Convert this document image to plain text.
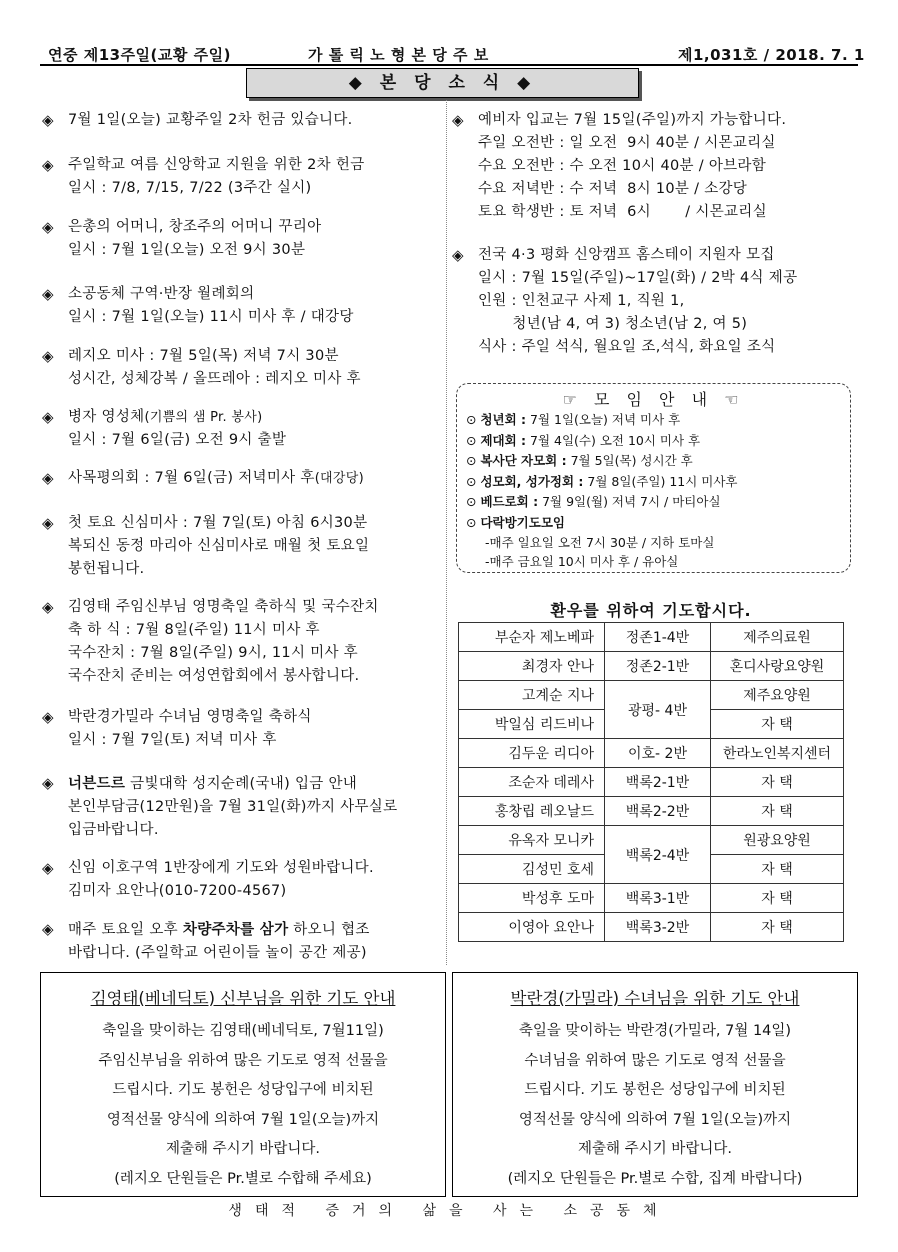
연중 제13주일(교황 주일)	가 톨 릭 노 형 본 당 주 보	제1,031호 / 2018. 7. 1
◆ 본 당 소 식 ◆
◈ 7월 1일(오늘) 교황주일 2차 헌금 있습니다.
◈ 주일학교 여름 신앙학교 지원을 위한 2차 헌금
일시 : 7/8, 7/15, 7/22 (3주간 실시)
◈ 은총의 어머니, 창조주의 어머니 꾸리아
일시 : 7월 1일(오늘) 오전 9시 30분
◈ 소공동체 구역·반장 월례회의
일시 : 7월 1일(오늘) 11시 미사 후 / 대강당
◈ 레지오 미사 : 7월 5일(목) 저녁 7시 30분
성시간, 성체강복 / 올뜨레아 : 레지오 미사 후
◈ 병자 영성체(기쁨의 샘 Pr. 봉사)
일시 : 7월 6일(금) 오전 9시 출발
◈ 사목평의회 : 7월 6일(금) 저녁미사 후(대강당)
◈ 첫 토요 신심미사 : 7월 7일(토) 아침 6시30분
복되신 동정 마리아 신심미사로 매월 첫 토요일
봉헌됩니다.
◈ 김영태 주임신부님 영명축일 축하식 및 국수잔치
축 하 식 : 7월 8일(주일) 11시 미사 후
국수잔치 : 7월 8일(주일) 9시, 11시 미사 후
국수잔치 준비는 여성연합회에서 봉사합니다.
◈ 박란경가밀라 수녀님 영명축일 축하식
일시 : 7월 7일(토) 저녁 미사 후
◈ 너븐드르 금빛대학 성지순례(국내) 입금 안내
본인부담금(12만원)을 7월 31일(화)까지 사무실로
입금바랍니다.
◈ 신임 이호구역 1반장에게 기도와 성원바랍니다.
김미자 요안나(010-7200-4567)
◈ 매주 토요일 오후 차량주차를 삼가 하오니 협조
바랍니다. (주일학교 어린이들 놀이 공간 제공)
◈ 예비자 입교는 7월 15일(주일)까지 가능합니다.
주일 오전반 : 일 오전  9시 40분 / 시몬교리실
수요 오전반 : 수 오전 10시 40분 / 아브라함
수요 저녁반 : 수 저녁  8시 10분 / 소강당
토요 학생반 : 토 저녁  6시       / 시몬교리실
◈ 전국 4·3 평화 신앙캠프 홈스테이 지원자 모집
일시 : 7월 15일(주일)~17일(화) / 2박 4식 제공
인원 : 인천교구 사제 1, 직원 1,
청년(남 4, 여 3) 청소년(남 2, 여 5)
식사 : 주일 석식, 월요일 조,석식, 화요일 조식
☞ 모 임 안 내 ☜
⊙ 청년회 : 7월 1일(오늘) 저녁 미사 후
⊙ 제대회 : 7월 4일(수) 오전 10시 미사 후
⊙ 복사단 자모회 : 7월 5일(목) 성시간 후
⊙ 성모회, 성가정회 : 7월 8일(주일) 11시 미사후
⊙ 베드로회 : 7월 9일(월) 저녁 7시 / 마티아실
⊙ 다락방기도모임
-매주 일요일 오전 7시 30분 / 지하 토마실
-매주 금요일 10시 미사 후 / 유아실
환우를 위하여 기도합시다.
부순자 제노베파	정존1-4반	제주의료원
최경자 안나	정존2-1반	혼디사랑요양원
고계순 지나	광평- 4반	제주요양원
박일심 리드비나		자 택
김두운 리디아	이호- 2반	한라노인복지센터
조순자 데레사	백록2-1반	자 택
홍창립 레오날드	백록2-2반	자 택
유옥자 모니카	백록2-4반	원광요양원
김성민 호세		자 택
박성후 도마	백록3-1반	자 택
이영아 요안나	백록3-2반	자 택
김영태(베네딕토) 신부님을 위한 기도 안내
축일을 맞이하는 김영태(베네딕토, 7월11일)
주임신부님을 위하여 많은 기도로 영적 선물을
드립시다. 기도 봉헌은 성당입구에 비치된
영적선물 양식에 의하여 7월 1일(오늘)까지
제출해 주시기 바랍니다.
(레지오 단원들은 Pr.별로 수합해 주세요)
박란경(가밀라) 수녀님을 위한 기도 안내
축일을 맞이하는 박란경(가밀라, 7월 14일)
수녀님을 위하여 많은 기도로 영적 선물을
드립시다. 기도 봉헌은 성당입구에 비치된
영적선물 양식에 의하여 7월 1일(오늘)까지
제출해 주시기 바랍니다.
(레지오 단원들은 Pr.별로 수합, 집계 바랍니다)
생태적 증거의 삶을 사는 소공동체
